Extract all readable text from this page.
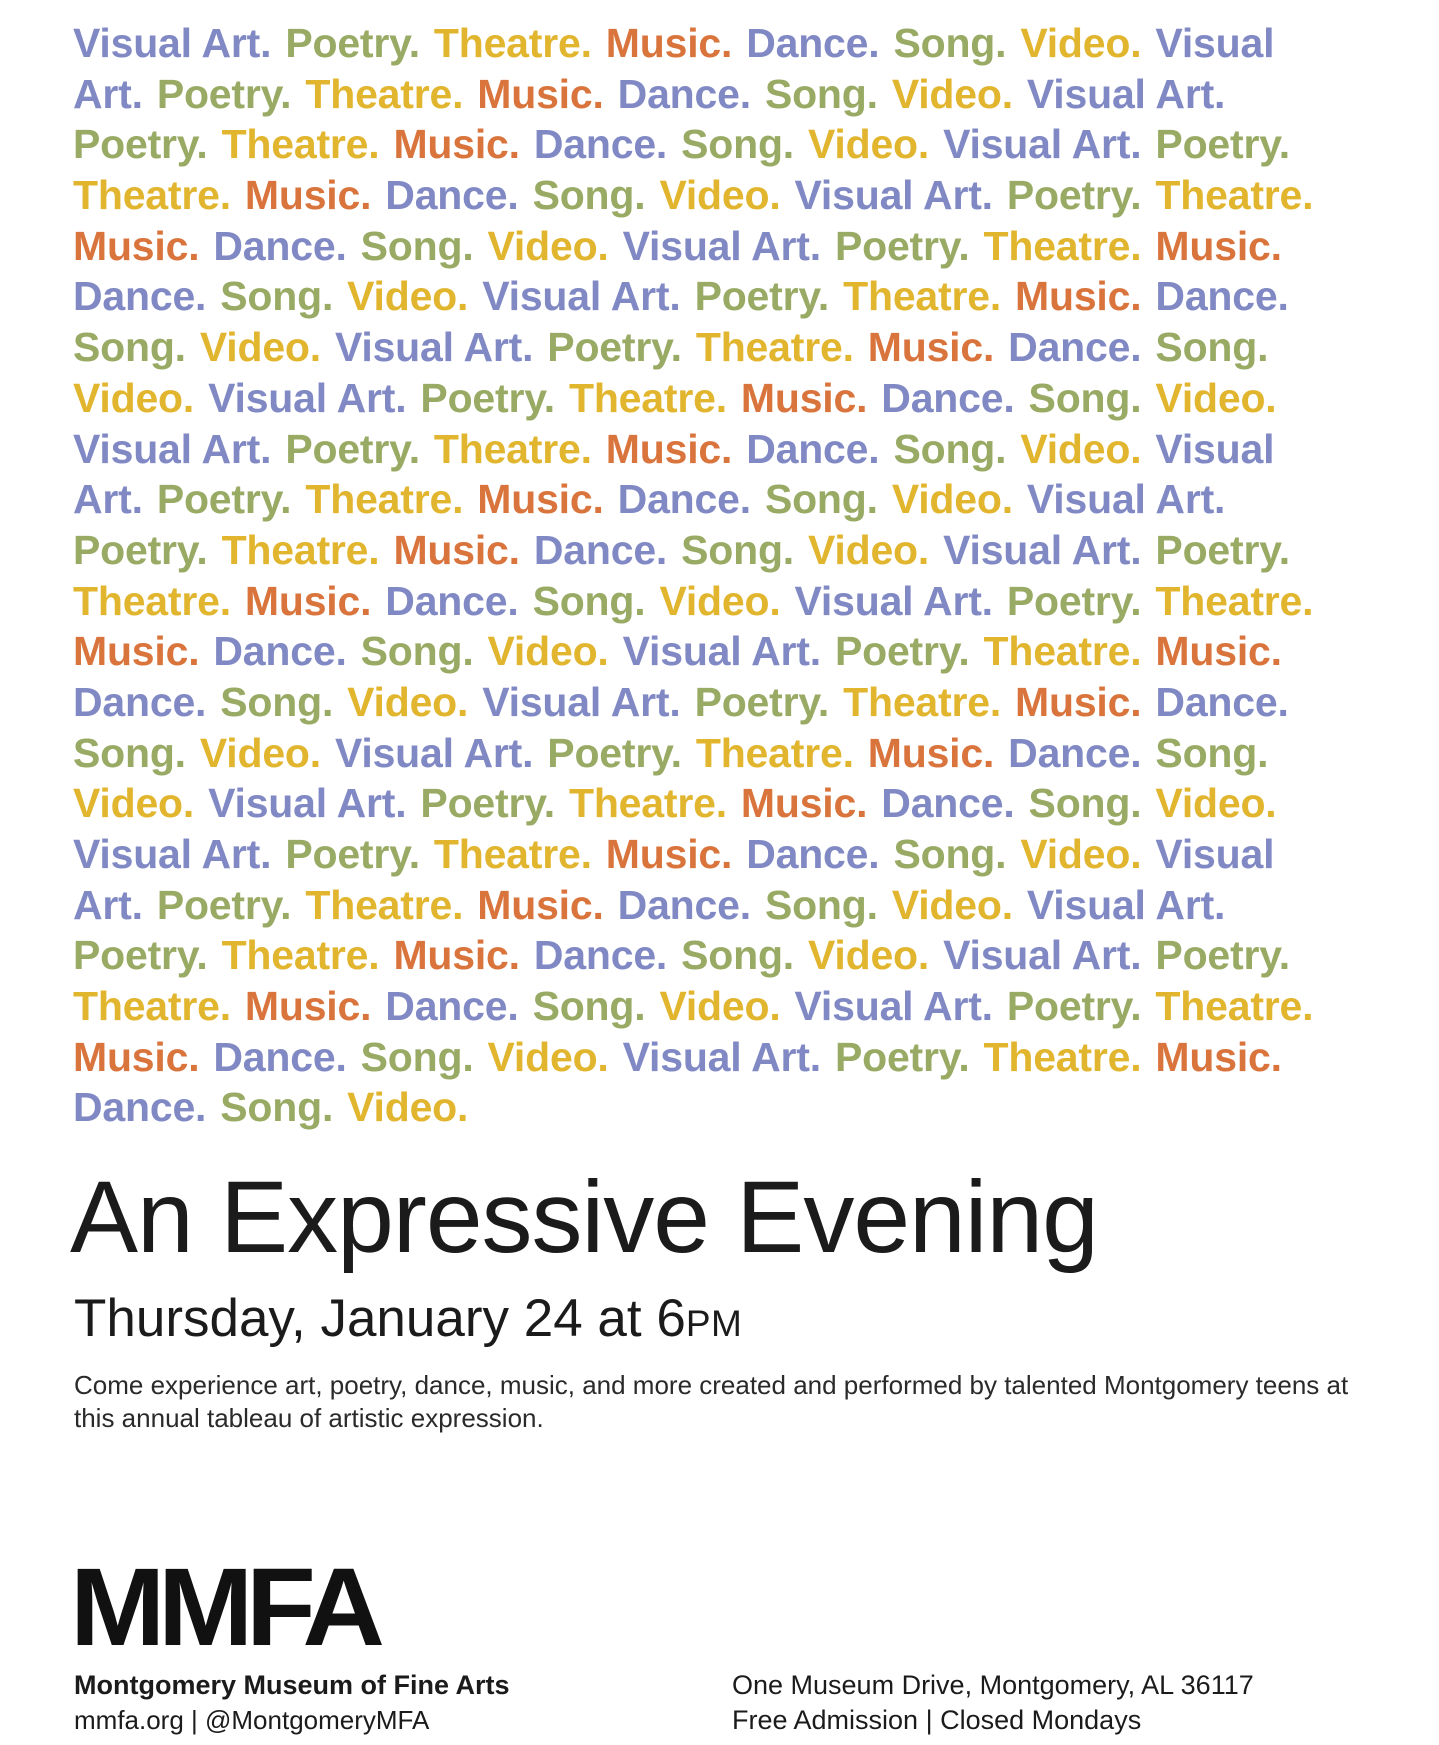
Visual Art. Poetry. Theatre. Music. Dance. Song. Video. Visual
Art. Poetry. Theatre. Music. Dance. Song. Video. Visual Art.
Poetry. Theatre. Music. Dance. Song. Video. Visual Art. Poetry.
Theatre. Music. Dance. Song. Video. Visual Art. Poetry. Theatre.
Music. Dance. Song. Video. Visual Art. Poetry. Theatre. Music.
Dance. Song. Video. Visual Art. Poetry. Theatre. Music. Dance.
Song. Video. Visual Art. Poetry. Theatre. Music. Dance. Song.
Video. Visual Art. Poetry. Theatre. Music. Dance. Song. Video.
Visual Art. Poetry. Theatre. Music. Dance. Song. Video. Visual
Art. Poetry. Theatre. Music. Dance. Song. Video. Visual Art.
Poetry. Theatre. Music. Dance. Song. Video. Visual Art. Poetry.
Theatre. Music. Dance. Song. Video. Visual Art. Poetry. Theatre.
Music. Dance. Song. Video. Visual Art. Poetry. Theatre. Music.
Dance. Song. Video. Visual Art. Poetry. Theatre. Music. Dance.
Song. Video. Visual Art. Poetry. Theatre. Music. Dance. Song.
Video. Visual Art. Poetry. Theatre. Music. Dance. Song. Video.
Visual Art. Poetry. Theatre. Music. Dance. Song. Video. Visual
Art. Poetry. Theatre. Music. Dance. Song. Video. Visual Art.
Poetry. Theatre. Music. Dance. Song. Video. Visual Art. Poetry.
Theatre. Music. Dance. Song. Video. Visual Art. Poetry. Theatre.
Music. Dance. Song. Video. Visual Art. Poetry. Theatre. Music.
Dance. Song. Video.
An Expressive Evening
Thursday, January 24 at 6PM
Come experience art, poetry, dance, music, and more created and performed by talented Montgomery teens at this annual tableau of artistic expression.
MMFA
Montgomery Museum of Fine Arts
mmfa.org | @MontgomeryMFA
One Museum Drive, Montgomery, AL 36117
Free Admission | Closed Mondays
